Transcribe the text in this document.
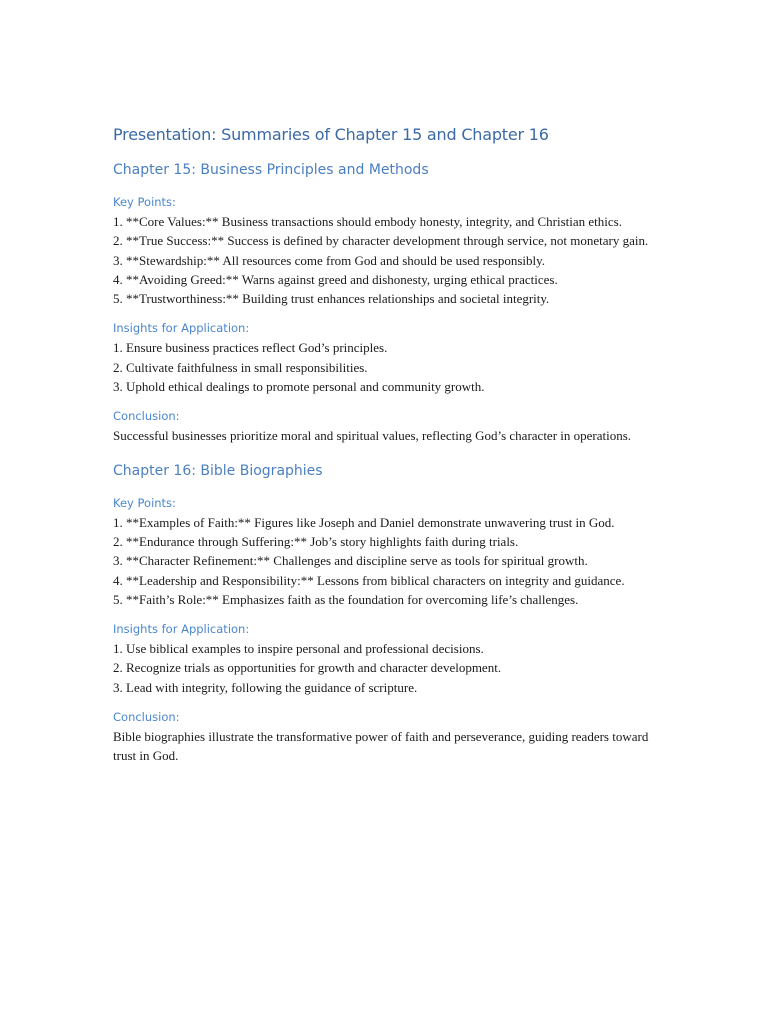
Presentation: Summaries of Chapter 15 and Chapter 16
Chapter 15: Business Principles and Methods
Key Points:
1. **Core Values:** Business transactions should embody honesty, integrity, and Christian ethics.
2. **True Success:** Success is defined by character development through service, not monetary gain.
3. **Stewardship:** All resources come from God and should be used responsibly.
4. **Avoiding Greed:** Warns against greed and dishonesty, urging ethical practices.
5. **Trustworthiness:** Building trust enhances relationships and societal integrity.
Insights for Application:
1. Ensure business practices reflect God’s principles.
2. Cultivate faithfulness in small responsibilities.
3. Uphold ethical dealings to promote personal and community growth.
Conclusion:

Successful businesses prioritize moral and spiritual values, reflecting God’s character in operations.

Chapter 16: Bible Biographies
Key Points:
1. **Examples of Faith:** Figures like Joseph and Daniel demonstrate unwavering trust in God.
2. **Endurance through Suffering:** Job’s story highlights faith during trials.
3. **Character Refinement:** Challenges and discipline serve as tools for spiritual growth.
4. **Leadership and Responsibility:** Lessons from biblical characters on integrity and guidance.
5. **Faith’s Role:** Emphasizes faith as the foundation for overcoming life’s challenges.
Insights for Application:
1. Use biblical examples to inspire personal and professional decisions.
2. Recognize trials as opportunities for growth and character development.
3. Lead with integrity, following the guidance of scripture.
Conclusion:

Bible biographies illustrate the transformative power of faith and perseverance, guiding readers toward trust in God.
